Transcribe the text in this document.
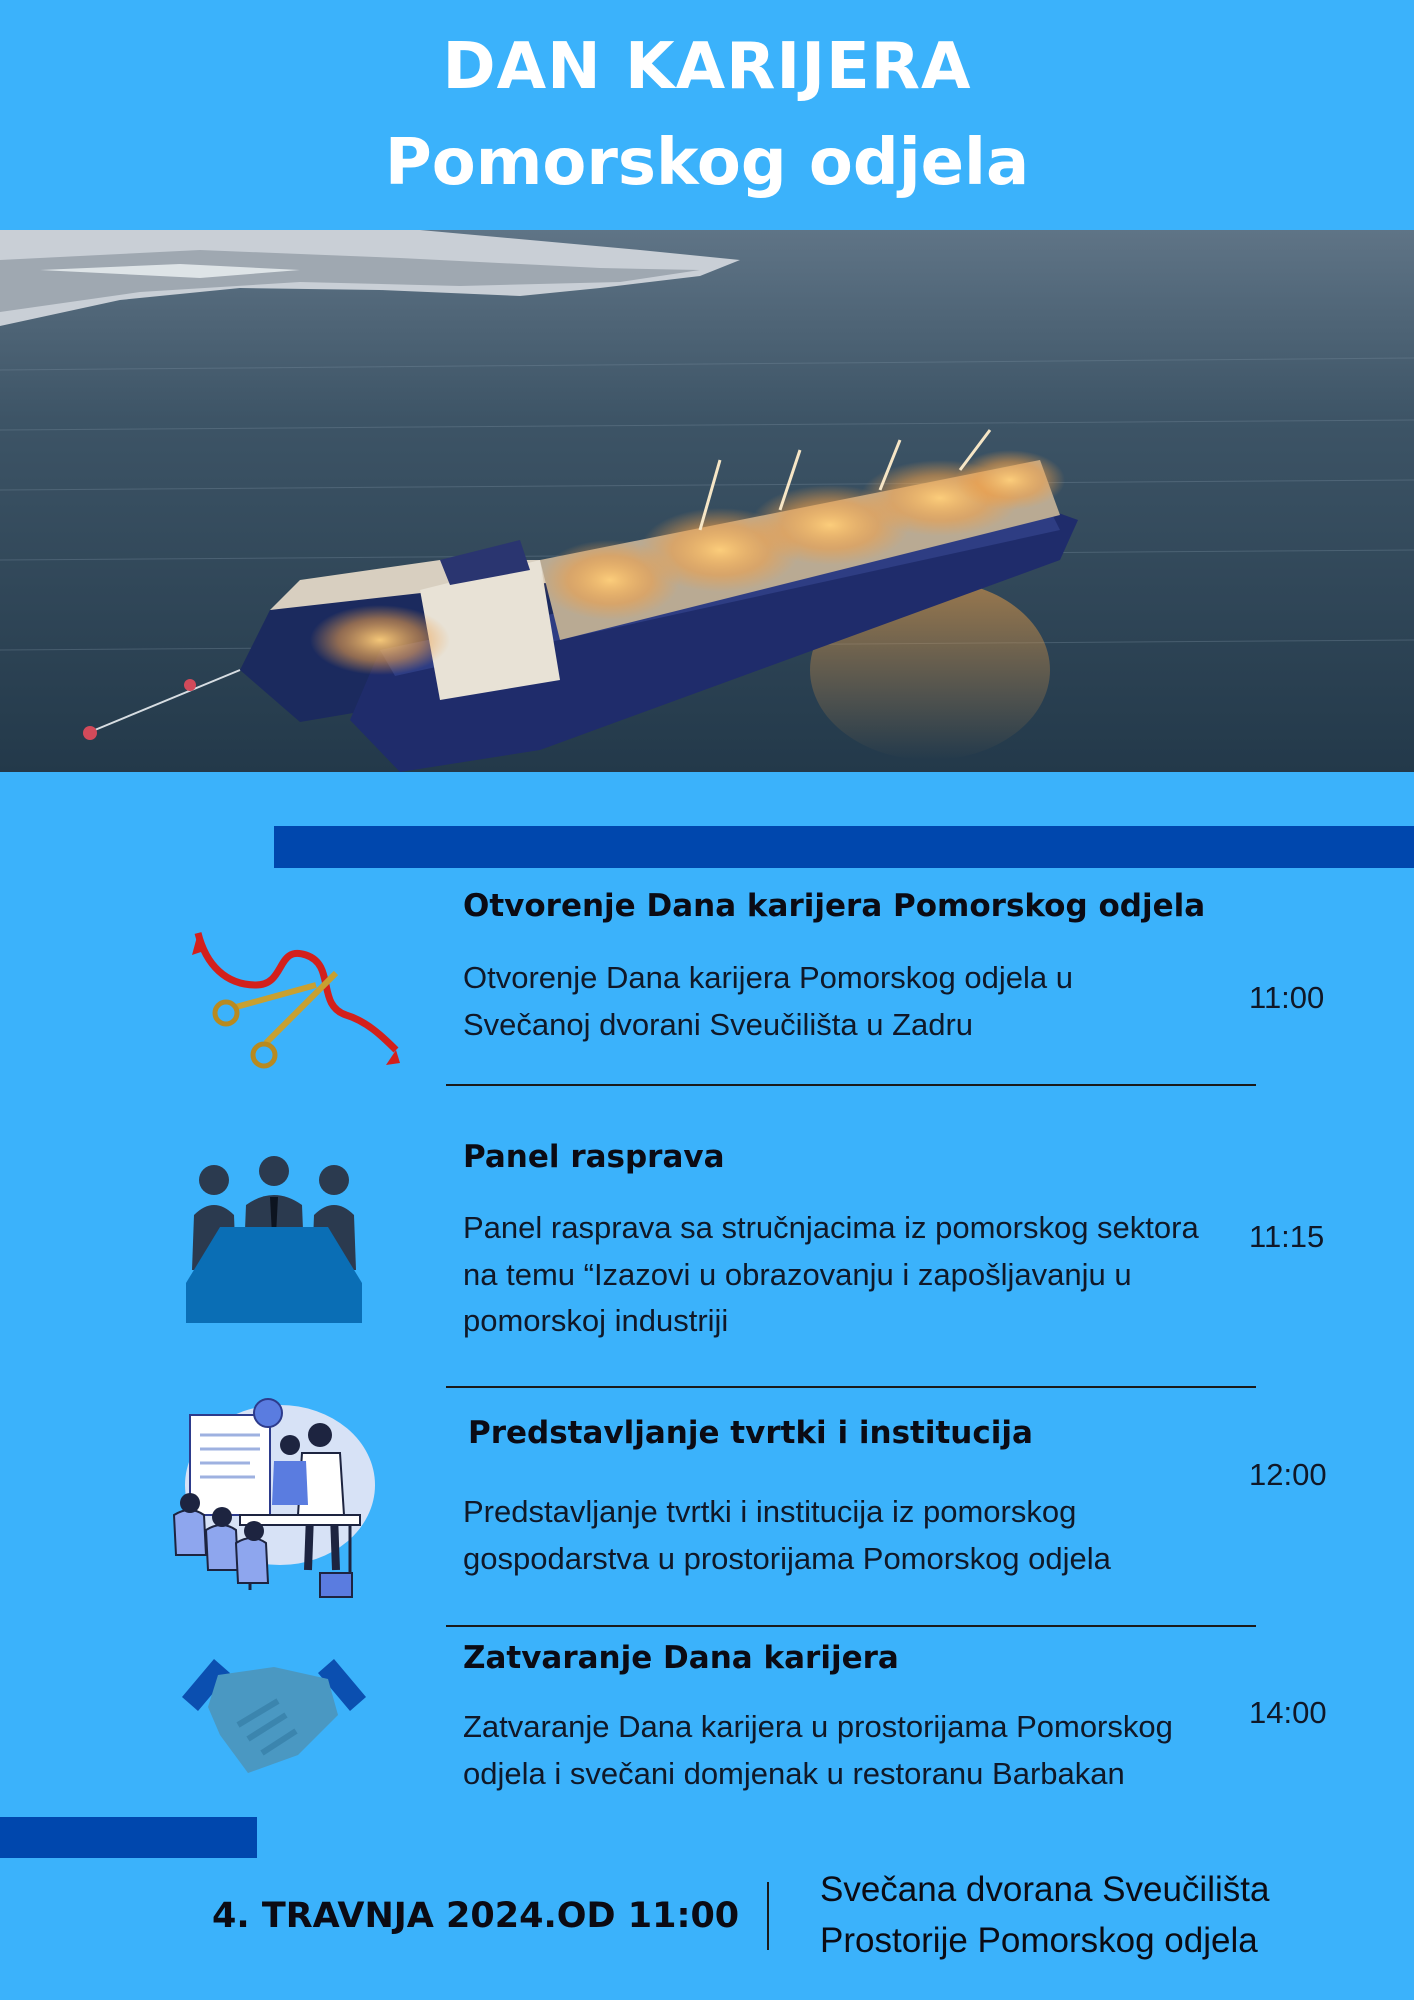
DAN KARIJERA
Pomorskog odjela
Otvorenje Dana karijera Pomorskog odjela
Otvorenje Dana karijera Pomorskog odjela u
Svečanoj dvorani Sveučilišta u Zadru
11:00
Panel rasprava
Panel rasprava sa stručnjacima iz pomorskog sektora
na temu “Izazovi u obrazovanju i zapošljavanju u
pomorskoj industriji
11:15
Predstavljanje tvrtki i institucija
Predstavljanje tvrtki i institucija iz pomorskog
gospodarstva u prostorijama Pomorskog odjela
12:00
Zatvaranje Dana karijera
Zatvaranje Dana karijera u prostorijama Pomorskog
odjela i svečani domjenak u restoranu Barbakan
14:00
4. TRAVNJA 2024.OD 11:00
Svečana dvorana Sveučilišta
Prostorije Pomorskog odjela
